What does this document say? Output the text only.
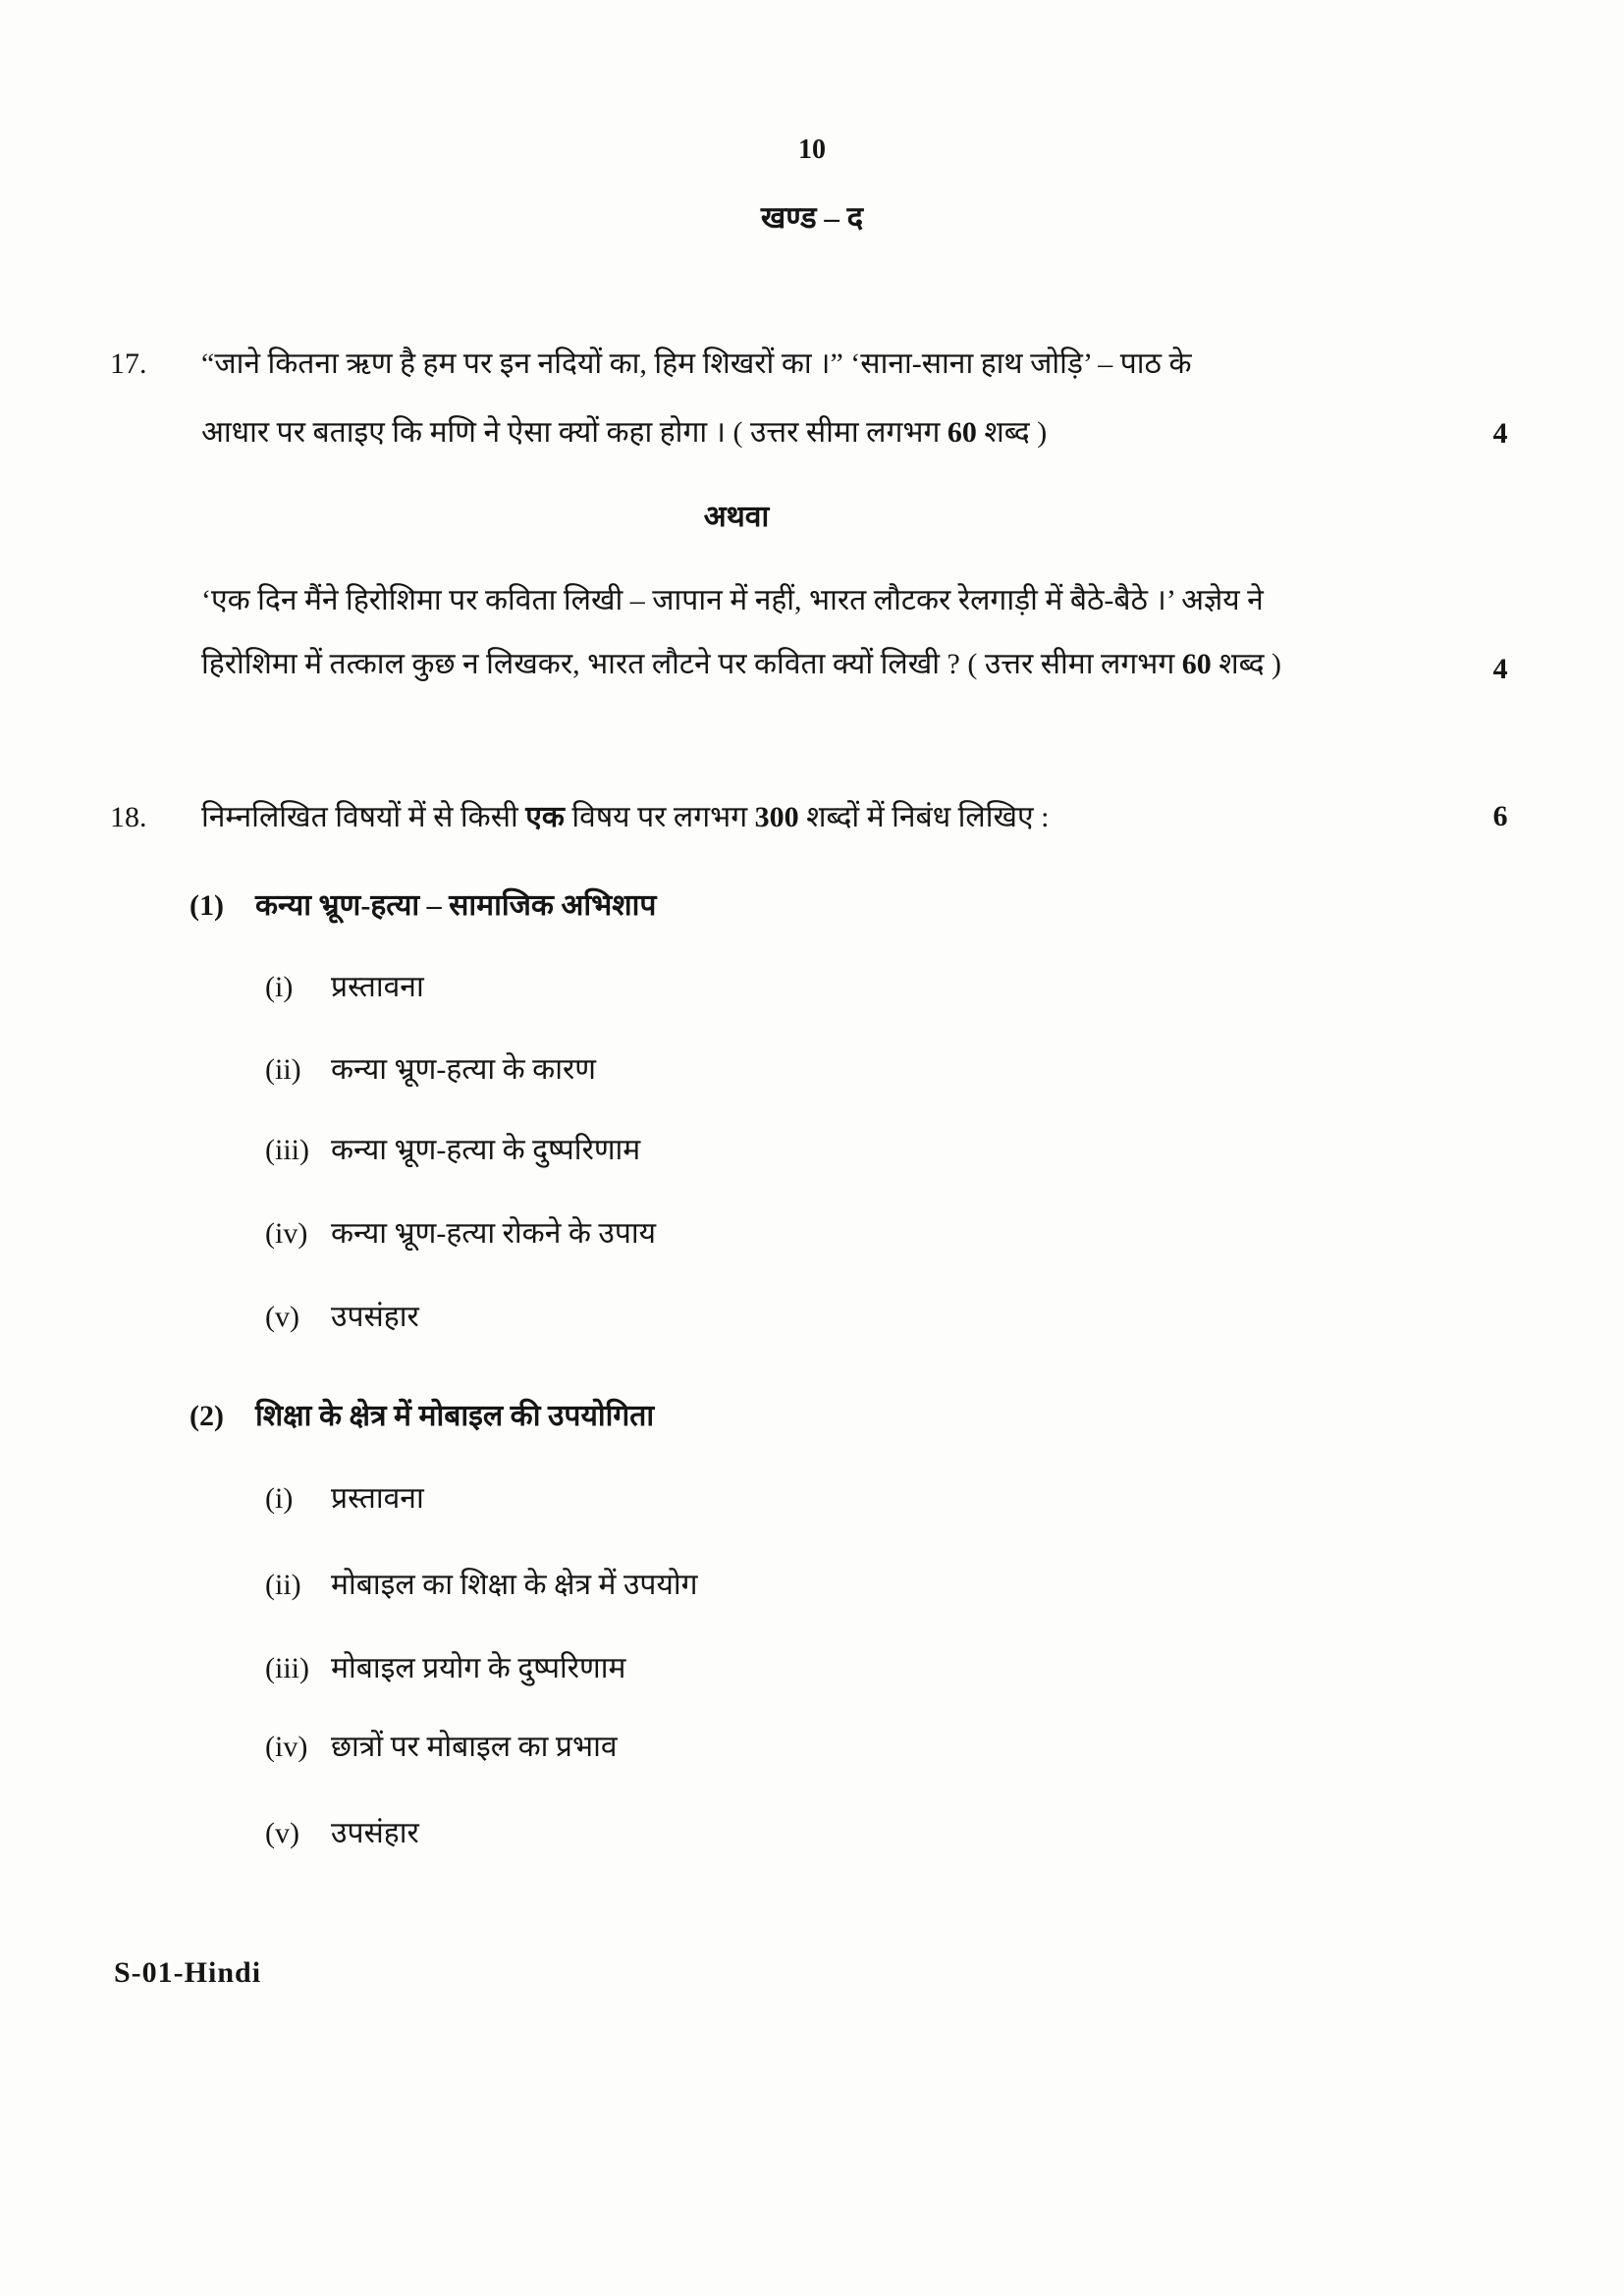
10
खण्ड – द
17.	“जाने कितना ऋण है हम पर इन नदियों का, हिम शिखरों का ।” ‘साना-साना हाथ जोड़ि’ – पाठ के
आधार पर बताइए कि मणि ने ऐसा क्यों कहा होगा । ( उत्तर सीमा लगभग 60 शब्द )	4
अथवा
‘एक दिन मैंने हिरोशिमा पर कविता लिखी – जापान में नहीं, भारत लौटकर रेलगाड़ी में बैठे-बैठे ।’ अज्ञेय ने
हिरोशिमा में तत्काल कुछ न लिखकर, भारत लौटने पर कविता क्यों लिखी ? ( उत्तर सीमा लगभग 60 शब्द )	4
18.	निम्नलिखित विषयों में से किसी एक विषय पर लगभग 300 शब्दों में निबंध लिखिए :	6
(1) कन्या भ्रूण-हत्या – सामाजिक अभिशाप
(i) प्रस्तावना
(ii) कन्या भ्रूण-हत्या के कारण
(iii) कन्या भ्रूण-हत्या के दुष्परिणाम
(iv) कन्या भ्रूण-हत्या रोकने के उपाय
(v) उपसंहार
(2) शिक्षा के क्षेत्र में मोबाइल की उपयोगिता
(i) प्रस्तावना
(ii) मोबाइल का शिक्षा के क्षेत्र में उपयोग
(iii) मोबाइल प्रयोग के दुष्परिणाम
(iv) छात्रों पर मोबाइल का प्रभाव
(v) उपसंहार
S-01-Hindi
